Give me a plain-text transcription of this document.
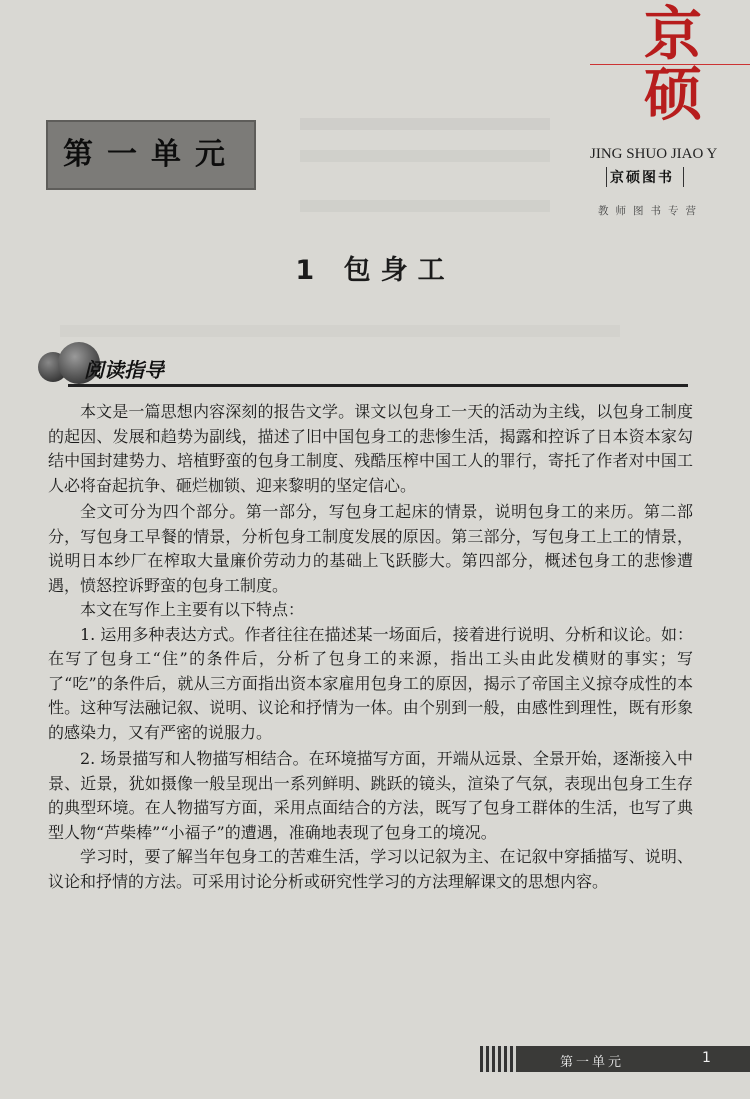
京硕
JING SHUO JIAO Y
京硕图书
教师图书专营
第一单元
1 包身工
阅读指导

本文是一篇思想内容深刻的报告文学。课文以包身工一天的活动为主线，以包身工制度的起因、发展和趋势为副线，描述了旧中国包身工的悲惨生活，揭露和控诉了日本资本家勾结中国封建势力、培植野蛮的包身工制度、残酷压榨中国工人的罪行，寄托了作者对中国工人必将奋起抗争、砸烂枷锁、迎来黎明的坚定信心。

全文可分为四个部分。第一部分，写包身工起床的情景，说明包身工的来历。第二部分，写包身工早餐的情景，分析包身工制度发展的原因。第三部分，写包身工上工的情景，说明日本纱厂在榨取大量廉价劳动力的基础上飞跃膨大。第四部分，概述包身工的悲惨遭遇，愤怒控诉野蛮的包身工制度。

本文在写作上主要有以下特点：

1. 运用多种表达方式。作者往往在描述某一场面后，接着进行说明、分析和议论。如：在写了包身工“住”的条件后，分析了包身工的来源，指出工头由此发横财的事实；写了“吃”的条件后，就从三方面指出资本家雇用包身工的原因，揭示了帝国主义掠夺成性的本性。这种写法融记叙、说明、议论和抒情为一体。由个别到一般，由感性到理性，既有形象的感染力，又有严密的说服力。

2. 场景描写和人物描写相结合。在环境描写方面，开端从远景、全景开始，逐渐接入中景、近景，犹如摄像一般呈现出一系列鲜明、跳跃的镜头，渲染了气氛，表现出包身工生存的典型环境。在人物描写方面，采用点面结合的方法，既写了包身工群体的生活，也写了典型人物“芦柴棒”“小福子”的遭遇，准确地表现了包身工的境况。

学习时，要了解当年包身工的苦难生活，学习以记叙为主、在记叙中穿插描写、说明、议论和抒情的方法。可采用讨论分析或研究性学习的方法理解课文的思想内容。

第一单元	1
